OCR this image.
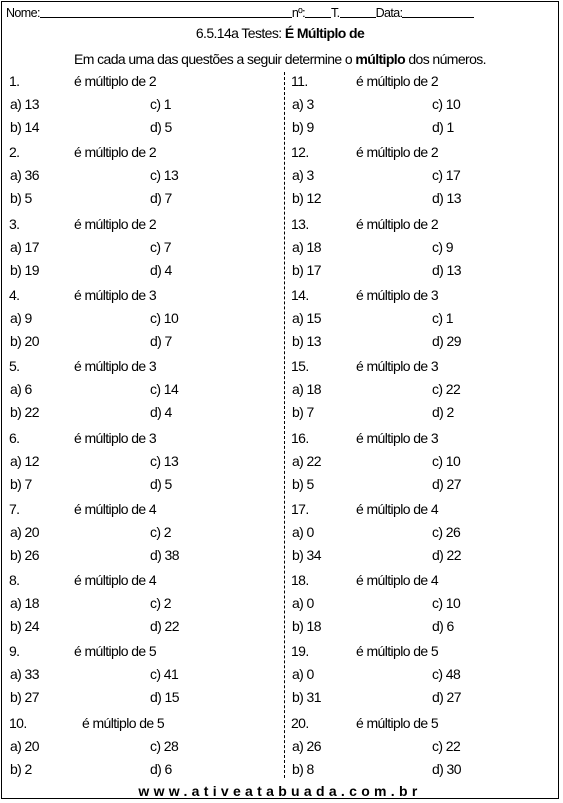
Nome:	nº: T.	Data:
6.5.14a Testes: É Múltiplo de
Em cada uma das questões a seguir determine o múltiplo dos números.
1.	é múltiplo de 2
a) 13	c) 1
b) 14	d) 5
2.	é múltiplo de 2
a) 36	c) 13
b) 5	d) 7
3.	é múltiplo de 2
a) 17	c) 7
b) 19	d) 4
4.	é múltiplo de 3
a) 9	c) 10
b) 20	d) 7
5.	é múltiplo de 3
a) 6	c) 14
b) 22	d) 4
6.	é múltiplo de 3
a) 12	c) 13
b) 7	d) 5
7.	é múltiplo de 4
a) 20	c) 2
b) 26	d) 38
8.	é múltiplo de 4
a) 18	c) 2
b) 24	d) 22
9.	é múltiplo de 5
a) 33	c) 41
b) 27	d) 15
10.	é múltiplo de 5
a) 20	c) 28
b) 2	d) 6
11.	é múltiplo de 2
a) 3	c) 10
b) 9	d) 1
12.	é múltiplo de 2
a) 3	c) 17
b) 12	d) 13
13.	é múltiplo de 2
a) 18	c) 9
b) 17	d) 13
14.	é múltiplo de 3
a) 15	c) 1
b) 13	d) 29
15.	é múltiplo de 3
a) 18	c) 22
b) 7	d) 2
16.	é múltiplo de 3
a) 22	c) 10
b) 5	d) 27
17.	é múltiplo de 4
a) 0	c) 26
b) 34	d) 22
18.	é múltiplo de 4
a) 0	c) 10
b) 18	d) 6
19.	é múltiplo de 5
a) 0	c) 48
b) 31	d) 27
20.	é múltiplo de 5
a) 26	c) 22
b) 8	d) 30
www.ativeatabuada.com.br
